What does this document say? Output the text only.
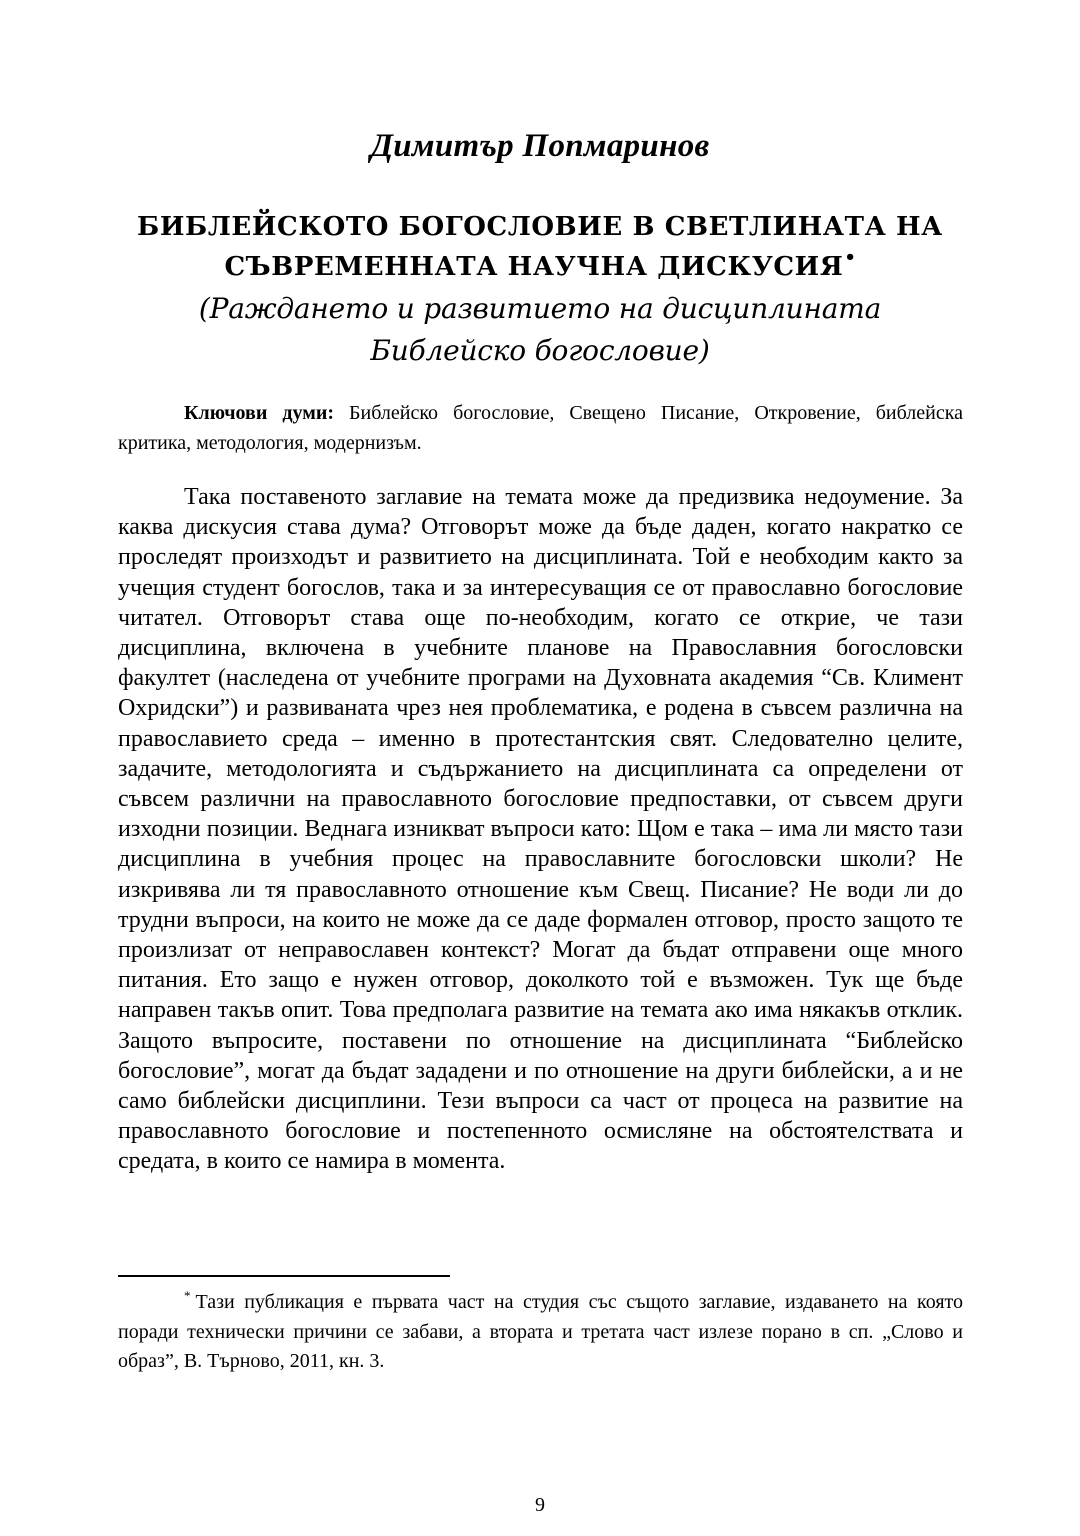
Димитър Попмаринов
БИБЛЕЙСКОТО БОГОСЛОВИЕ В СВЕТЛИНАТА НА
СЪВРЕМЕННАТА НАУЧНА ДИСКУСИЯ•
(Раждането и развитието на дисциплината
Библейско богословие)

Ключови думи: Библейско богословие, Свещено Писание, Откровение, библейска критика, методология, модернизъм.

Така поставеното заглавие на темата може да предизвика недоумение. За каква дискусия става дума? Отговорът може да бъде даден, когато накратко се проследят произходът и развитието на дисциплината. Той е необходим както за учещия студент богослов, така и за интересуващия се от православно богословие читател. Отговорът става още по-необходим, когато се открие, че тази дисциплина, включена в учебните планове на Православния богословски факултет (наследена от учебните програми на Духовната академия “Св. Климент Охридски”) и развиваната чрез нея проблематика, е родена в съвсем различна на православието среда – именно в протестантския свят. Следователно целите, задачите, методологията и съдържанието на дисциплината са определени от съвсем различни на православното богословие предпоставки, от съвсем други изходни позиции. Веднага изникват въпроси като: Щом е така – има ли място тази дисциплина в учебния процес на православните богословски школи? Не изкривява ли тя православното отношение към Свещ. Писание? Не води ли до трудни въпроси, на които не може да се даде формален отговор, просто защото те произлизат от неправославен контекст? Могат да бъдат отправени още много питания. Ето защо е нужен отговор, доколкото той е възможен. Тук ще бъде направен такъв опит. Това предполага развитие на темата ако има някакъв отклик. Защото въпросите, поставени по отношение на дисциплината “Библейско богословие”, могат да бъдат зададени и по отношение на други библейски, а и не само библейски дисциплини. Тези въпроси са част от процеса на развитие на православното богословие и постепенното осмисляне на обстоятелствата и средата, в които се намира в момента.

* Тази публикация е първата част на студия със същото заглавие, издаването на която поради технически причини се забави, а втората и третата част излезе порано в сп. „Слово и образ”, В. Търново, 2011, кн. 3.

9
